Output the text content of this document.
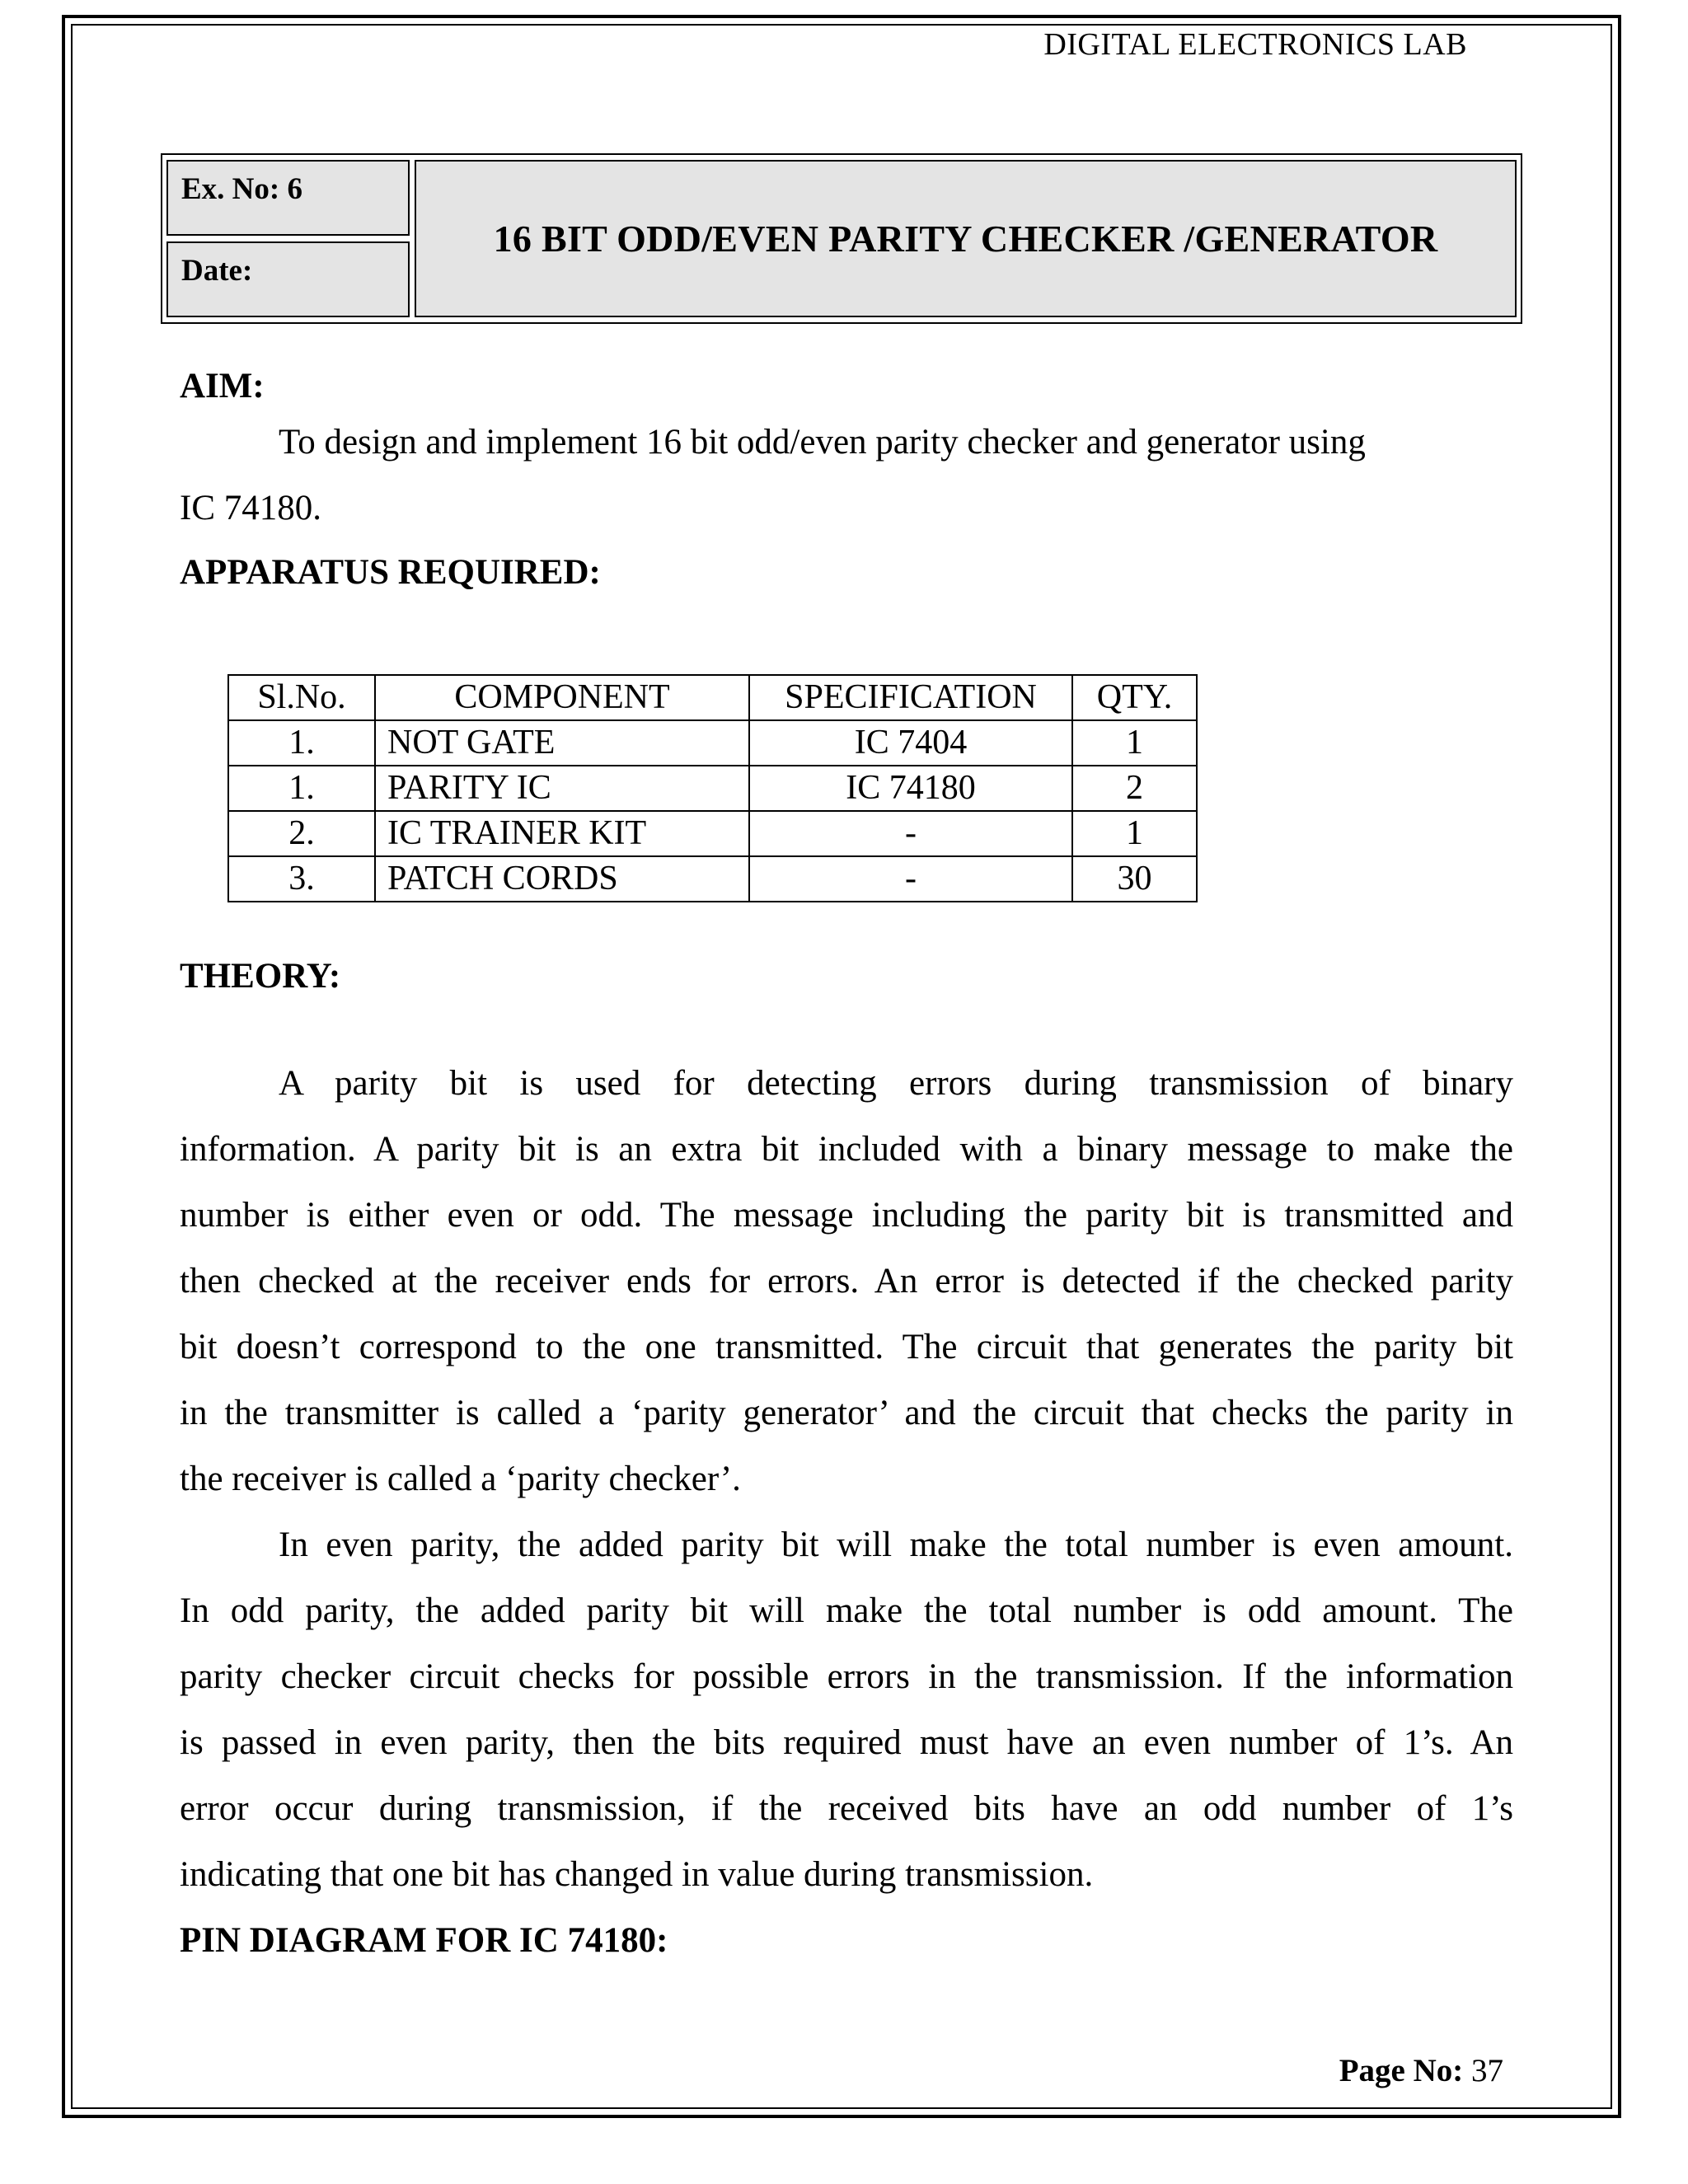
DIGITAL ELECTRONICS LAB
Ex. No: 6
Date:
16 BIT ODD/EVEN PARITY CHECKER /GENERATOR
AIM:
To design and implement 16 bit odd/even parity checker and generator using
IC 74180.
APPARATUS REQUIRED:
Sl.No.	COMPONENT	SPECIFICATION	QTY.
1.	NOT GATE	IC 7404	1
1.	PARITY IC	IC 74180	2
2.	IC TRAINER KIT	-	1
3.	PATCH CORDS	-	30
THEORY:
A parity bit is used for detecting errors during transmission of binary
information. A parity bit is an extra bit included with a binary message to make the
number is either even or odd. The message including the parity bit is transmitted and
then checked at the receiver ends for errors. An error is detected if the checked parity
bit doesn’t correspond to the one transmitted. The circuit that generates the parity bit
in the transmitter is called a ‘parity generator’ and the circuit that checks the parity in
the receiver is called a ‘parity checker’.
In even parity, the added parity bit will make the total number is even amount.
In odd parity, the added parity bit will make the total number is odd amount. The
parity checker circuit checks for possible errors in the transmission. If the information
is passed in even parity, then the bits required must have an even number of 1’s. An
error occur during transmission, if the received bits have an odd number of 1’s
indicating that one bit has changed in value during transmission.
PIN DIAGRAM FOR IC 74180:
Page No: 37
